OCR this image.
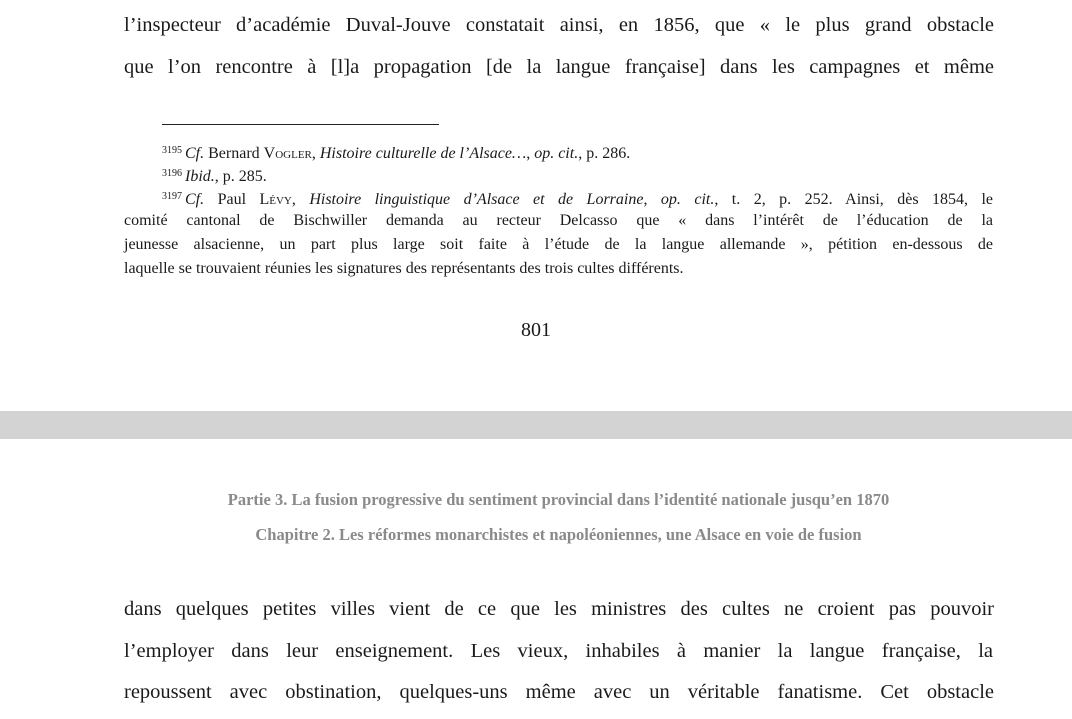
l’inspecteur d’académie Duval-Jouve constatait ainsi, en 1856, que « le plus grand obstacle
que l’on rencontre à [l]a propagation [de la langue française] dans les campagnes et même
$^{3195}$ Cf. Bernard Vogler, Histoire culturelle de l’Alsace…, op. cit., p. 286.
$^{3196}$ Ibid., p. 285.
$^{3197}$ Cf. Paul Lévy, Histoire linguistique d’Alsace et de Lorraine, op. cit., t. 2, p. 252. Ainsi, dès 1854, le
comité cantonal de Bischwiller demanda au recteur Delcasso que « dans l’intérêt de l’éducation de la
jeunesse alsacienne, un part plus large soit faite à l’étude de la langue allemande », pétition en-dessous de
laquelle se trouvaient réunies les signatures des représentants des trois cultes différents.
801
Partie 3. La fusion progressive du sentiment provincial dans l’identité nationale jusqu’en 1870
Chapitre 2. Les réformes monarchistes et napoléoniennes, une Alsace en voie de fusion
dans quelques petites villes vient de ce que les ministres des cultes ne croient pas pouvoir
l’employer dans leur enseignement. Les vieux, inhabiles à manier la langue française, la
repoussent avec obstination, quelques-uns même avec un véritable fanatisme. Cet obstacle
